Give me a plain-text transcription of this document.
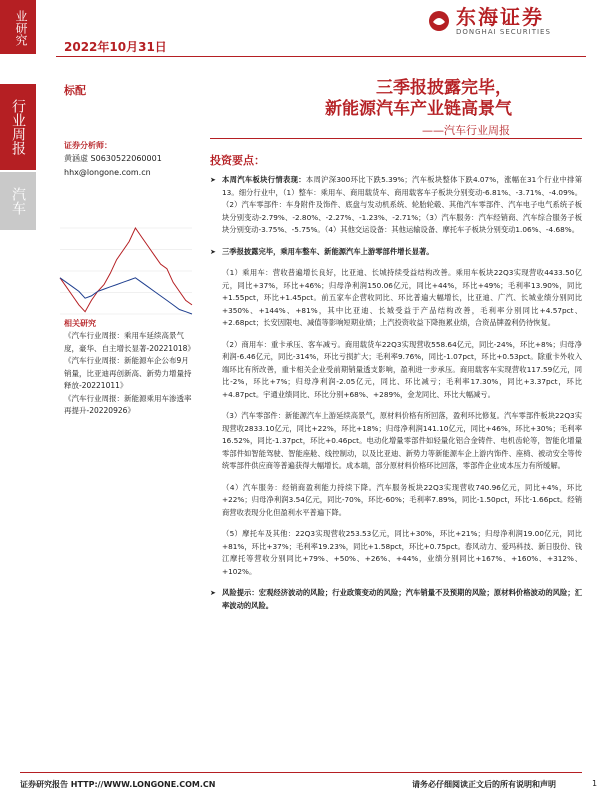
业研究
2022年10月31日
东海证券
DONGHAI SECURITIES
行业周报
汽车
标配	三季报披露完毕，
新能源汽车产业链高景气
——汽车行业周报
证券分析师：
黄涵虚 S0630522060001
hhx@longone.com.cn
相关研究
《汽车行业周报：乘用车延续高景气度，豪华、自主增长显著-20221018》
《汽车行业周报：新能源车企公布9月销量，比亚迪再创新高、新势力增量持释放-20221011》
《汽车行业周报：新能源乘用车渗透率再提升-20220926》
投资要点：

➤ 本周汽车板块行情表现：本周沪深300环比下跌5.39%；汽车板块整体下跌4.07%，涨幅在31个行业中排第13。细分行业中，（1）整车：乘用车、商用载货车、商用载客车子板块分别变动-6.81%、-3.71%、-4.09%。（2）汽车零部件：车身附件及饰件、底盘与发动机系统、轮胎轮毂、其他汽车零部件、汽车电子电气系统子板块分别变动-2.79%、-2.80%、-2.27%、-1.23%、-2.71%；（3）汽车服务：汽车经销商、汽车综合服务子板块分别变动-3.75%、-5.75%。（4）其他交运设备：其他运输设备、摩托车子板块分别变动1.06%、-4.68%。

➤ 三季报披露完毕，乘用车整车、新能源汽车上游零部件增长显著。

（1）乘用车：营收普遍增长良好，比亚迪、长城持续受益结构改善。乘用车板块22Q3实现营收4433.50亿元，同比+37%，环比+46%；归母净利润150.06亿元，同比+44%，环比+49%；毛利率13.90%，同比+1.55pct，环比+1.45pct。前五家车企营收同比、环比普遍大幅增长，比亚迪、广汽、长城业绩分别同比+350%、+144%、+81%，其中比亚迪、长城受益于产品结构改善，毛利率分别同比+4.57pct、+2.68pct；长安因限电、减值等影响短期业绩；上汽投资收益下降拖累业绩，合资品牌盈利仍待恢复。

（2）商用车：重卡承压、客车减亏。商用载货车22Q3实现营收558.64亿元，同比-24%，环比+8%；归母净利润-6.46亿元，同比-314%，环比亏损扩大；毛利率9.76%，同比-1.07pct，环比+0.53pct。除重卡外收入端环比有所改善，重卡相关企业受前期销量透支影响，盈利进一步承压。商用载客车实现营收117.59亿元，同比-2%，环比+7%；归母净利润-2.05亿元，同比、环比减亏；毛利率17.30%，同比+3.37pct，环比+4.87pct。宇通业绩同比、环比分别+68%、+289%，金龙同比、环比大幅减亏。

（3）汽车零部件：新能源汽车上游延续高景气，原材料价格有所回落，盈利环比修复。汽车零部件板块22Q3实现营收2833.10亿元，同比+22%，环比+18%；归母净利润141.10亿元，同比+46%，环比+30%；毛利率16.52%，同比-1.37pct，环比+0.46pct。电动化增量零部件如轻量化铝合金铸件、电机齿轮等，智能化增量零部件如智能驾驶、智能座舱、线控制动，以及比亚迪、新势力等新能源车企上游内饰件、座椅、被动安全等传统零部件供应商等普遍获得大幅增长。成本端，部分原材料价格环比回落，零部件企业成本压力有所缓解。

（4）汽车服务：经销商盈利能力持续下降。汽车服务板块22Q3实现营收740.96亿元，同比+4%，环比+22%；归母净利润3.54亿元，同比-70%，环比-60%；毛利率7.89%，同比-1.50pct，环比-1.66pct。经销商营收表现分化但盈利水平普遍下降。

（5）摩托车及其他：22Q3实现营收253.53亿元，同比+30%，环比+21%；归母净利润19.00亿元，同比+81%，环比+37%；毛利率19.23%，同比+1.58pct，环比+0.75pct。春风动力、爱玛科技、新日股份、钱江摩托等营收分别同比+79%、+50%、+26%、+44%，业绩分别同比+167%、+160%、+312%、+102%。

➤ 风险提示：宏观经济波动的风险；行业政策变动的风险；汽车销量不及预期的风险；原材料价格波动的风险；汇率波动的风险。

证券研究报告 HTTP://WWW.LONGONE.COM.CN	请务必仔细阅读正文后的所有说明和声明	1
